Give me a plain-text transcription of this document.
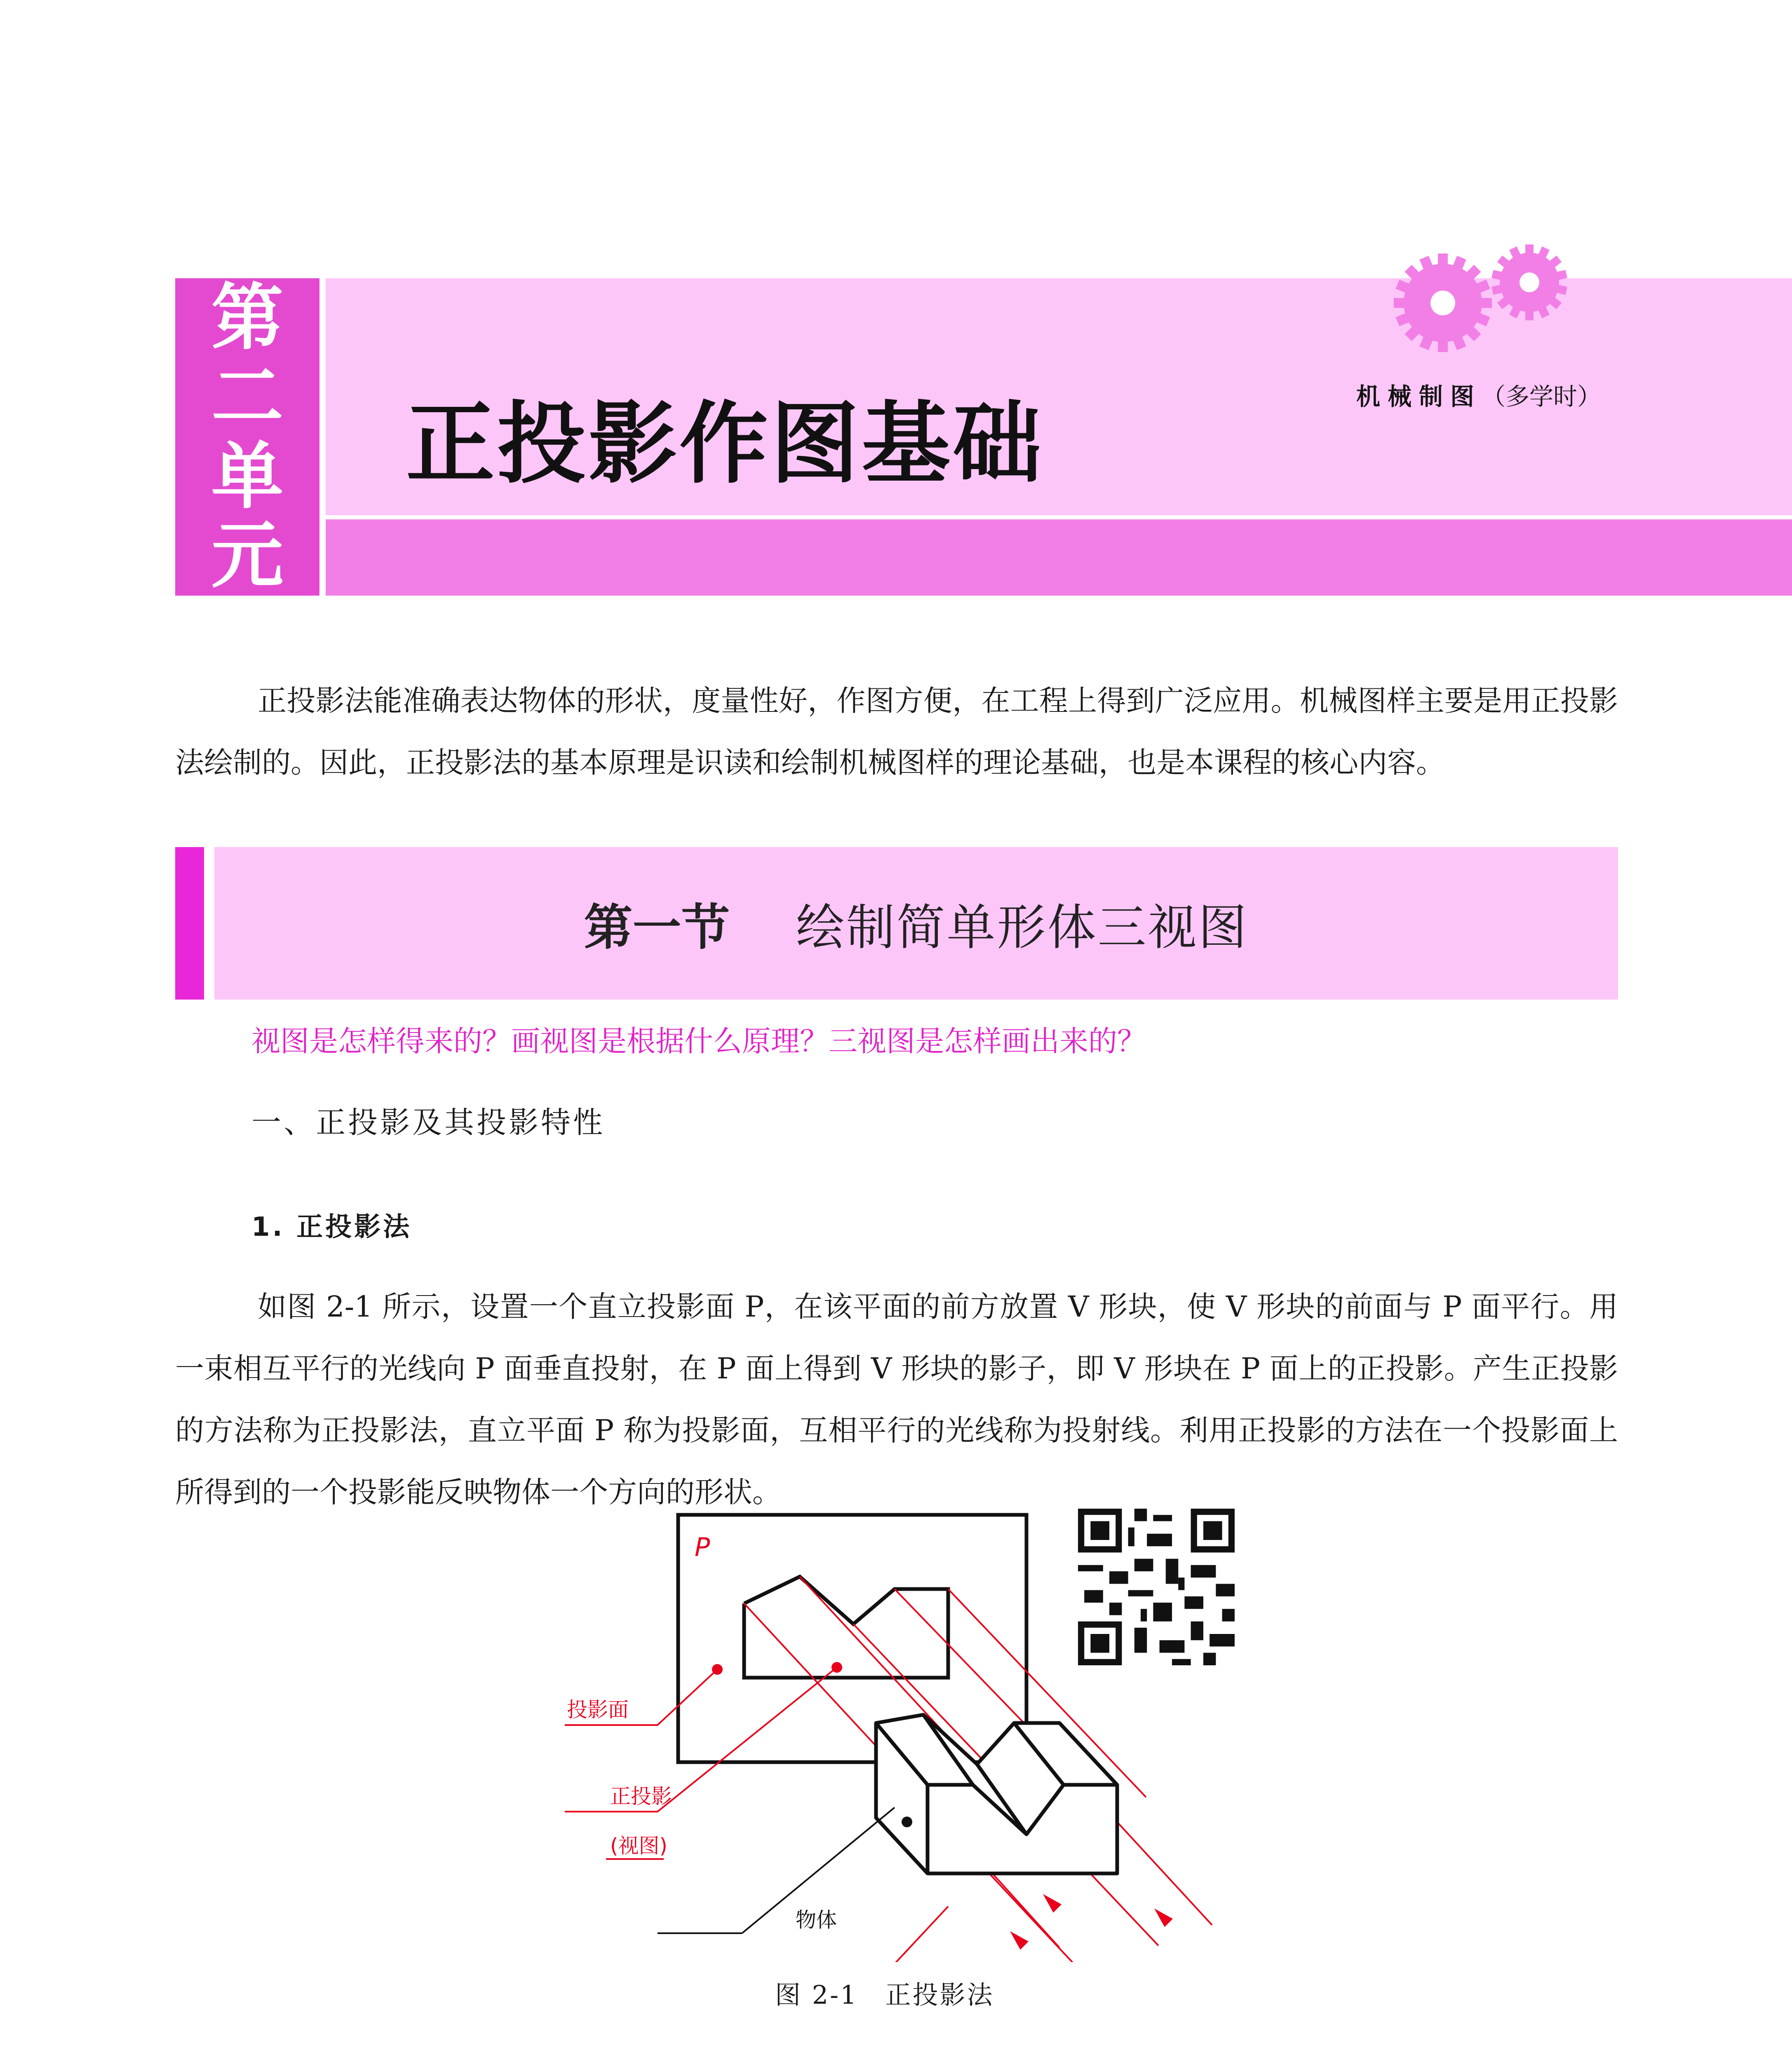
第
二
单
元
正投影作图基础	机械制图（多学时）
正投影法能准确表达物体的形状，度量性好，作图方便，在工程上得到广泛应用。机械图样主要是用正投影法绘制的。因此，正投影法的基本原理是识读和绘制机械图样的理论基础，也是本课程的核心内容。
第一节 绘制简单形体三视图
视图是怎样得来的？画视图是根据什么原理？三视图是怎样画出来的？
一、正投影及其投影特性
1. 正投影法
如图 2-1 所示，设置一个直立投影面 P，在该平面的前方放置 V 形块，使 V 形块的前面与 P 面平行。用一束相互平行的光线向 P 面垂直投射，在 P 面上得到 V 形块的影子，即 V 形块在 P 面上的正投影。产生正投影的方法称为正投影法，直立平面 P 称为投影面，互相平行的光线称为投射线。利用正投影的方法在一个投影面上所得到的一个投影能反映物体一个方向的形状。
P
投影面
正投影
(视图)
物体
图 2-1　正投影法
